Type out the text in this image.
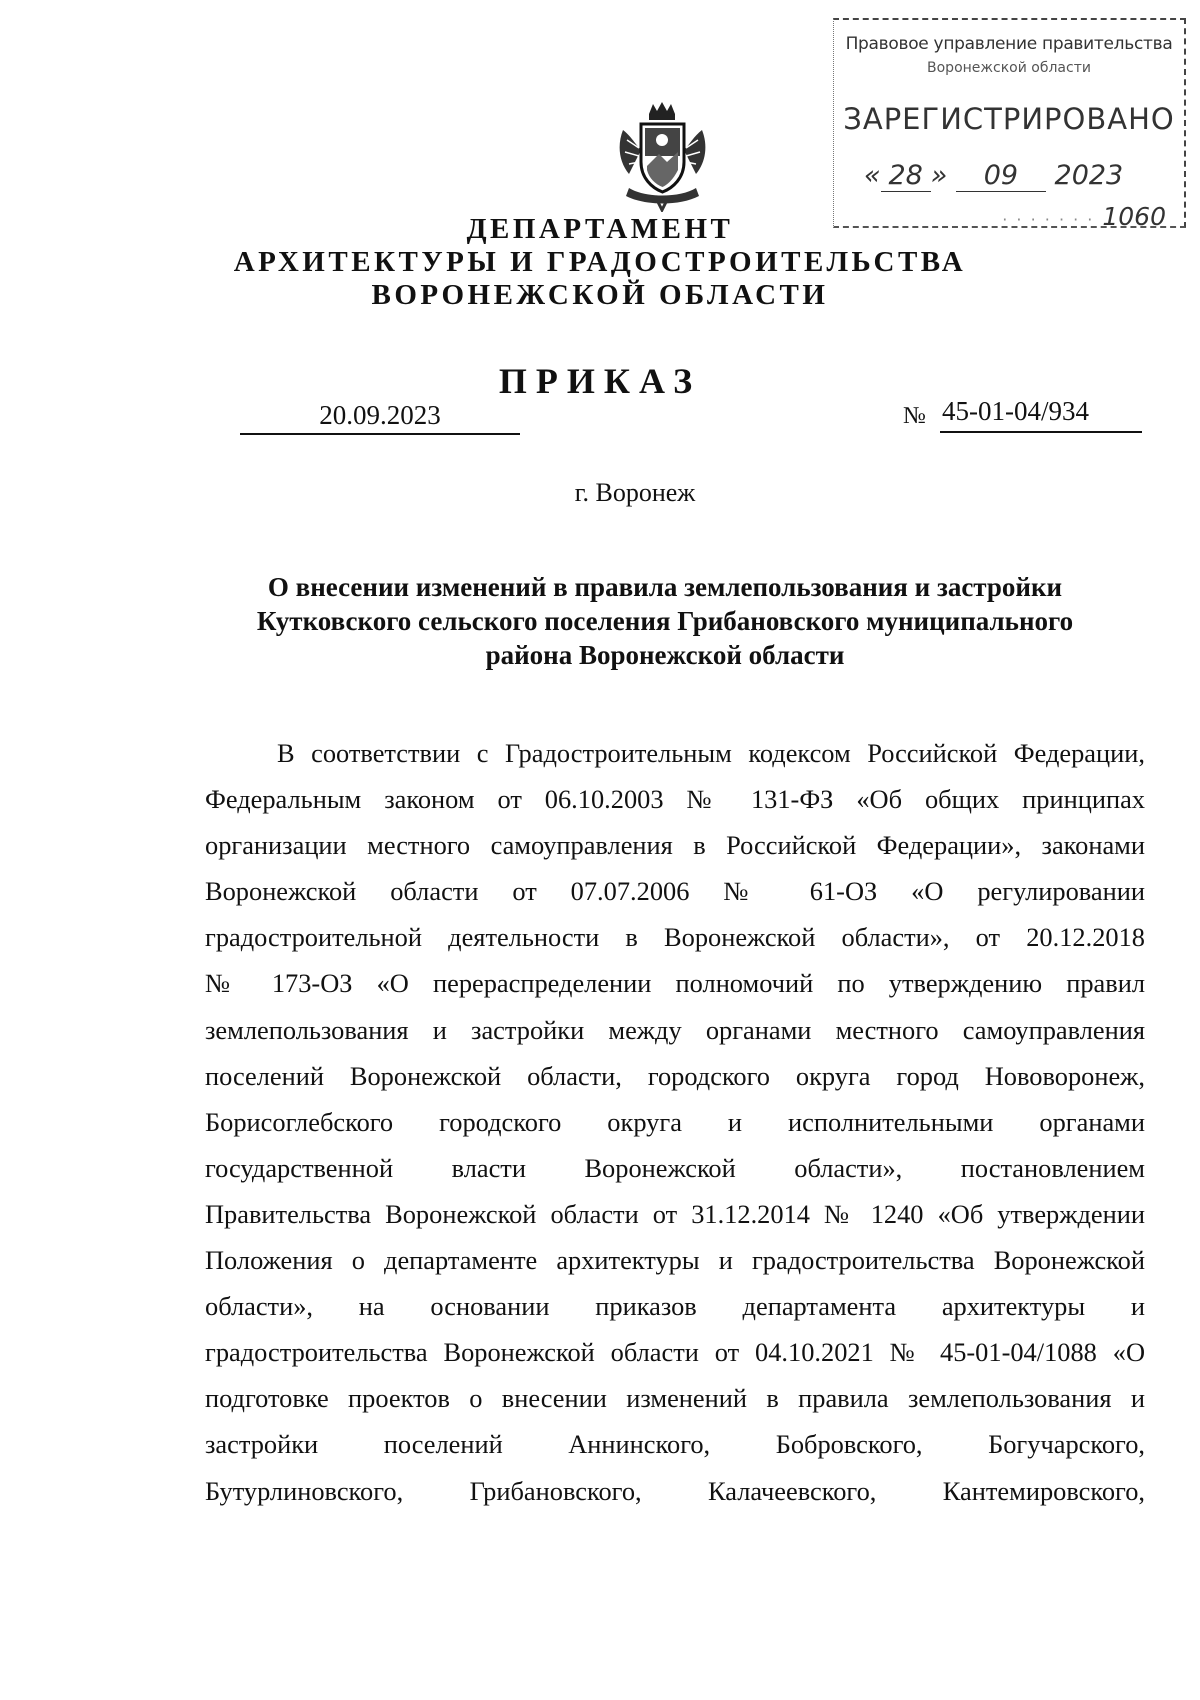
Правовое управление правительства
Воронежской области
ЗАРЕГИСТРИРОВАНО
« 28 » 09 2023
· · · · · · · 1060
ДЕПАРТАМЕНТ
АРХИТЕКТУРЫ И ГРАДОСТРОИТЕЛЬСТВА
ВОРОНЕЖСКОЙ ОБЛАСТИ
ПРИКАЗ
20.09.2023	№ 45-01-04/934
г. Воронеж
О внесении изменений в правила землепользования и застройки
Кутковского сельского поселения Грибановского муниципального
района Воронежской области
В соответствии с Градостроительным кодексом Российской Федерации,
Федеральным законом от 06.10.2003 № 131-ФЗ «Об общих принципах
организации местного самоуправления в Российской Федерации», законами
Воронежской области от 07.07.2006 № 61-ОЗ «О регулировании
градостроительной деятельности в Воронежской области», от 20.12.2018
№ 173-ОЗ «О перераспределении полномочий по утверждению правил
землепользования и застройки между органами местного самоуправления
поселений Воронежской области, городского округа город Нововоронеж,
Борисоглебского городского округа и исполнительными органами
государственной власти Воронежской области», постановлением
Правительства Воронежской области от 31.12.2014 № 1240 «Об утверждении
Положения о департаменте архитектуры и градостроительства Воронежской
области», на основании приказов департамента архитектуры и
градостроительства Воронежской области от 04.10.2021 № 45-01-04/1088 «О
подготовке проектов о внесении изменений в правила землепользования и
застройки поселений Аннинского, Бобровского, Богучарского,
Бутурлиновского, Грибановского, Калачеевского, Кантемировского,
